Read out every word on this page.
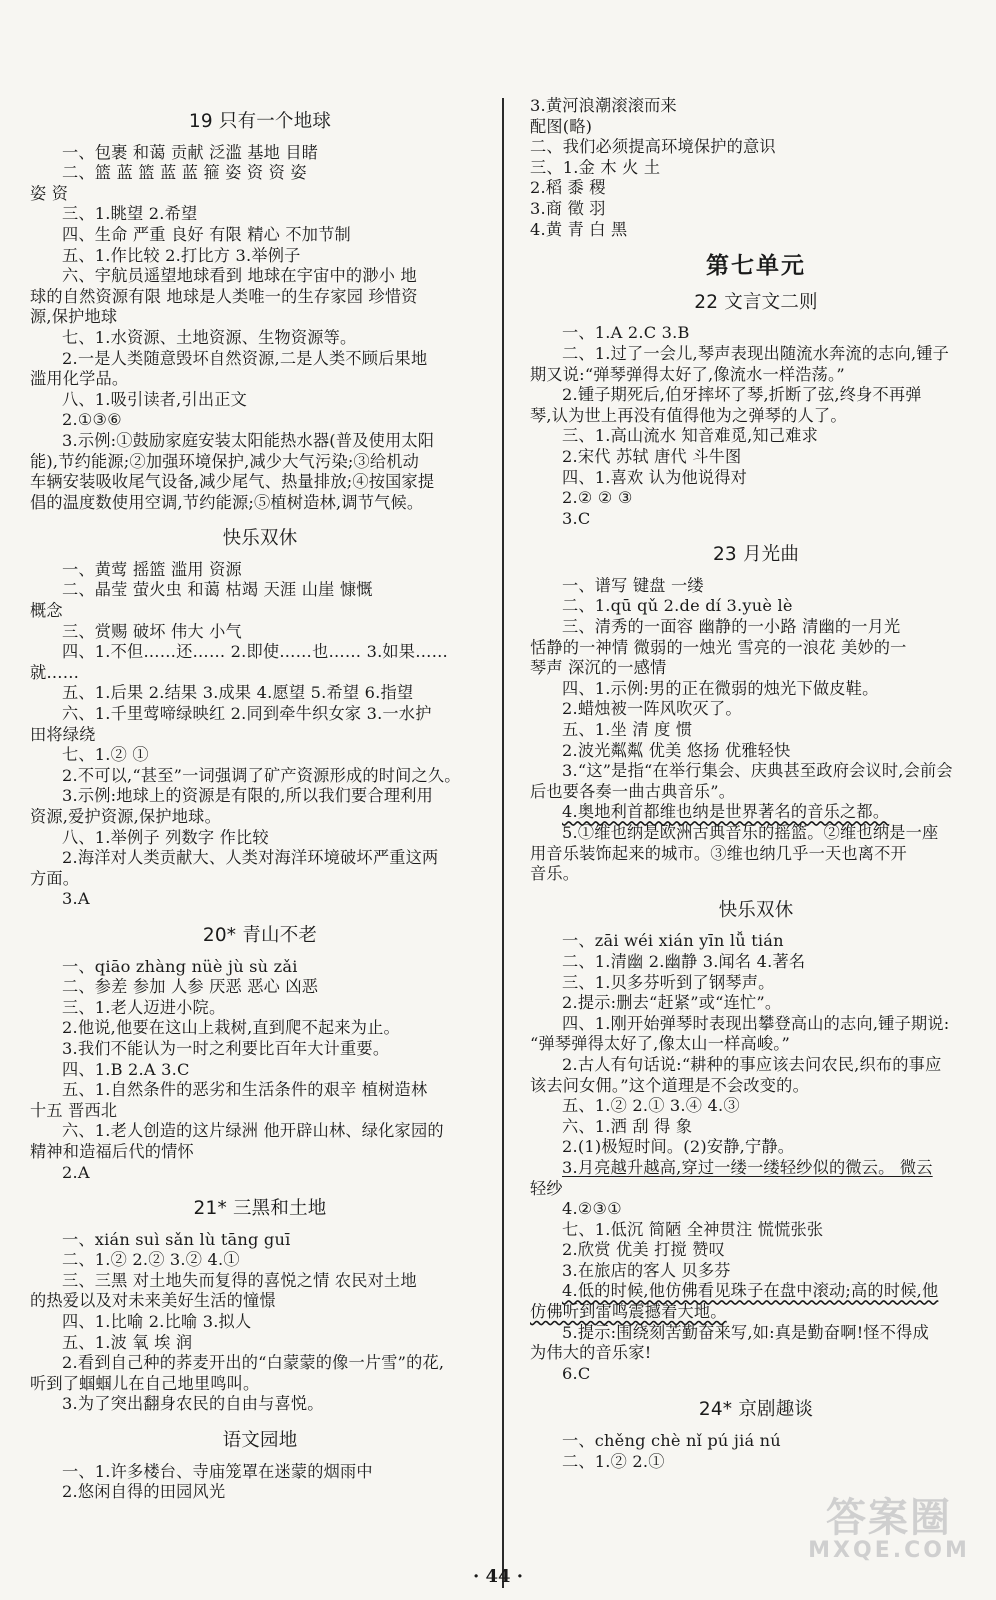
19 只有一个地球
一、包裹 和蔼 贡献 泛滥 基地 目睹
二、篮 蓝 篮 蓝 蓝 箍 姿 资 资 姿
姿 资
三、1.眺望 2.希望
四、生命 严重 良好 有限 精心 不加节制
五、1.作比较 2.打比方 3.举例子
六、宇航员遥望地球看到 地球在宇宙中的渺小 地
球的自然资源有限 地球是人类唯一的生存家园 珍惜资
源,保护地球
七、1.水资源、土地资源、生物资源等。
2.一是人类随意毁坏自然资源,二是人类不顾后果地
滥用化学品。
八、1.吸引读者,引出正文
2.①③⑥
3.示例:①鼓励家庭安装太阳能热水器(普及使用太阳
能),节约能源;②加强环境保护,减少大气污染;③给机动
车辆安装吸收尾气设备,减少尾气、热量排放;④按国家提
倡的温度数使用空调,节约能源;⑤植树造林,调节气候。
快乐双休
一、黄莺 摇篮 滥用 资源
二、晶莹 萤火虫 和蔼 枯竭 天涯 山崖 慷慨
概念
三、赏赐 破坏 伟大 小气
四、1.不但……还…… 2.即使……也…… 3.如果……
就……
五、1.后果 2.结果 3.成果 4.愿望 5.希望 6.指望
六、1.千里莺啼绿映红 2.同到牵牛织女家 3.一水护
田将绿绕
七、1.② ①
2.不可以,“甚至”一词强调了矿产资源形成的时间之久。
3.示例:地球上的资源是有限的,所以我们要合理利用
资源,爱护资源,保护地球。
八、1.举例子 列数字 作比较
2.海洋对人类贡献大、人类对海洋环境破坏严重这两
方面。
3.A
20* 青山不老
一、qiāo zhàng nüè jù sù zǎi
二、参差 参加 人参 厌恶 恶心 凶恶
三、1.老人迈进小院。
2.他说,他要在这山上栽树,直到爬不起来为止。
3.我们不能认为一时之利要比百年大计重要。
四、1.B 2.A 3.C
五、1.自然条件的恶劣和生活条件的艰辛 植树造林
十五 晋西北
六、1.老人创造的这片绿洲 他开辟山林、绿化家园的
精神和造福后代的情怀
2.A
21* 三黑和土地
一、xián suì sǎn lù tāng guī
二、1.② 2.② 3.② 4.①
三、三黑 对土地失而复得的喜悦之情 农民对土地
的热爱以及对未来美好生活的憧憬
四、1.比喻 2.比喻 3.拟人
五、1.波 氧 埃 润
2.看到自己种的荞麦开出的“白蒙蒙的像一片雪”的花,
听到了蝈蝈儿在自己地里鸣叫。
3.为了突出翻身农民的自由与喜悦。
语文园地
一、1.许多楼台、寺庙笼罩在迷蒙的烟雨中
2.悠闲自得的田园风光
3.黄河浪潮滚滚而来
配图(略)
二、我们必须提高环境保护的意识
三、1.金 木 火 土
2.稻 黍 稷
3.商 徵 羽
4.黄 青 白 黑
第七单元
22 文言文二则
一、1.A 2.C 3.B
二、1.过了一会儿,琴声表现出随流水奔流的志向,锺子
期又说:“弹琴弹得太好了,像流水一样浩荡。”
2.锺子期死后,伯牙摔坏了琴,折断了弦,终身不再弹
琴,认为世上再没有值得他为之弹琴的人了。
三、1.高山流水 知音难觅,知己难求
2.宋代 苏轼 唐代 斗牛图
四、1.喜欢 认为他说得对
2.② ② ③
3.C
23 月光曲
一、谱写 键盘 一缕
二、1.qū qǔ 2.de dí 3.yuè lè
三、清秀的一面容 幽静的一小路 清幽的一月光
恬静的一神情 微弱的一烛光 雪亮的一浪花 美妙的一
琴声 深沉的一感情
四、1.示例:男的正在微弱的烛光下做皮鞋。
2.蜡烛被一阵风吹灭了。
五、1.坐 清 度 惯
2.波光粼粼 优美 悠扬 优雅轻快
3.“这”是指“在举行集会、庆典甚至政府会议时,会前会
后也要各奏一曲古典音乐”。
4.奥地利首都维也纳是世界著名的音乐之都。
5.①维也纳是欧洲古典音乐的摇篮。②维也纳是一座
用音乐装饰起来的城市。③维也纳几乎一天也离不开
音乐。
快乐双休
一、zāi wéi xián yīn lǚ tián
二、1.清幽 2.幽静 3.闻名 4.著名
三、1.贝多芬听到了钢琴声。
2.提示:删去“赶紧”或“连忙”。
四、1.刚开始弹琴时表现出攀登高山的志向,锺子期说:
“弹琴弹得太好了,像太山一样高峻。”
2.古人有句话说:“耕种的事应该去问农民,织布的事应
该去问女佣。”这个道理是不会改变的。
五、1.② 2.① 3.④ 4.③
六、1.洒 刮 得 象
2.(1)极短时间。(2)安静,宁静。
3.月亮越升越高,穿过一缕一缕轻纱似的微云。 微云
轻纱
4.②③①
七、1.低沉 简陋 全神贯注 慌慌张张
2.欣赏 优美 打搅 赞叹
3.在旅店的客人 贝多芬
4.低的时候,他仿佛看见珠子在盘中滚动;高的时候,他
仿佛听到雷鸣震撼着大地。
5.提示:围绕刻苦勤奋来写,如:真是勤奋啊!怪不得成
为伟大的音乐家!
6.C
24* 京剧趣谈
一、chěng chè nǐ pú jiá nú
二、1.② 2.①
· 44 ·
答案圈
MXQE.COM
